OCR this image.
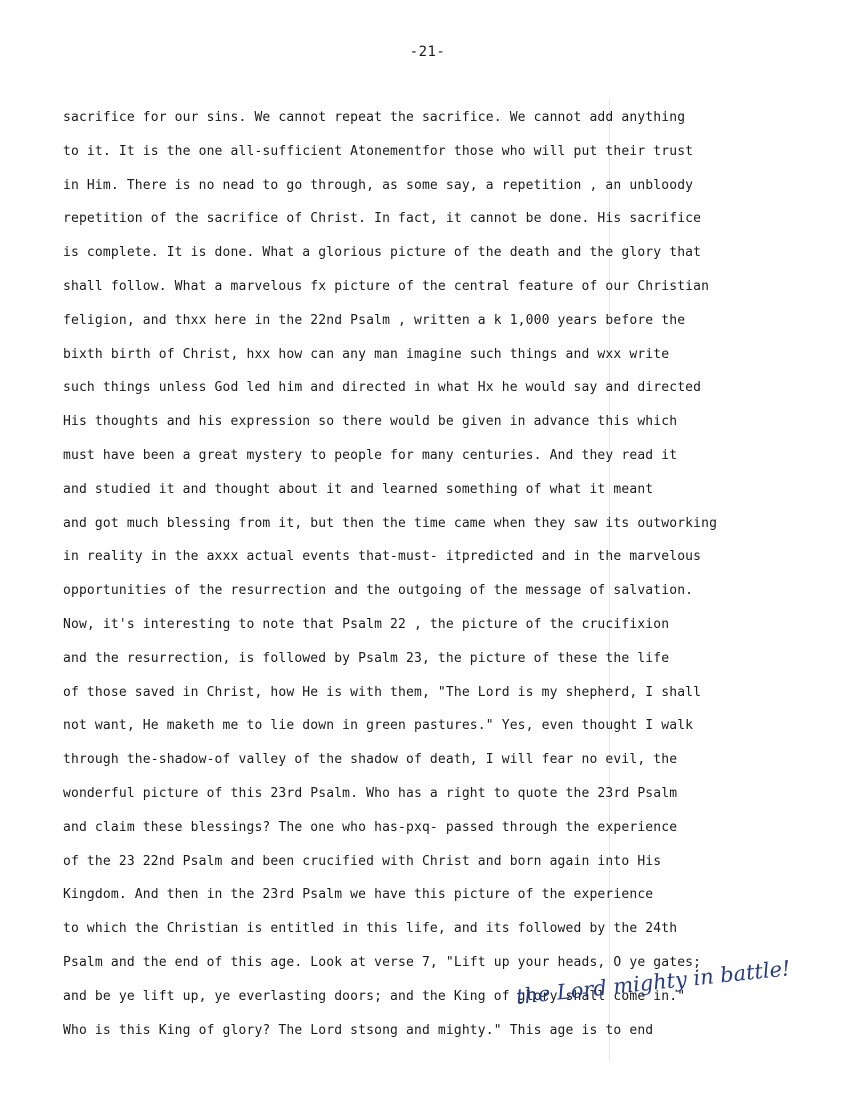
-21-
sacrifice for our sins. We cannot repeat the sacrifice. We cannot add anything
to it. It is the one all-sufficient Atonementfor those who will put their trust
in Him. There is no nead to go through, as some say, a repetition , an unbloody
repetition of the sacrifice of Christ. In fact, it cannot be done. His sacrifice
is complete. It is done. What a glorious picture of the death and the glory that
shall follow. What a marvelous fx picture of the central feature of our Christian
feligion, and thxx here in the 22nd Psalm , written a k 1,000 years before the
bixth birth of Christ, hxx how can any man imagine such things and wxx write
such things unless God led him and directed in what Hx he would say and directed
His thoughts and his expression so there would be given in advance this which
must have been a great mystery to people for many centuries. And they read it
and studied it and thought about it and learned something of what it meant
and got much blessing from it, but then the time came when they saw its outworking
in reality in the axxx actual events that-must- itpredicted and in the marvelous
opportunities of the resurrection and the outgoing of the message of salvation.
Now, it's interesting to note that Psalm 22 , the picture of the crucifixion
and the resurrection, is followed by Psalm 23, the picture of these the life
of those saved in Christ, how He is with them, "The Lord is my shepherd, I shall
not want, He maketh me to lie down in green pastures." Yes, even thought I walk
through the-shadow-of valley of the shadow of death, I will fear no evil, the
wonderful picture of this 23rd Psalm. Who has a right to quote the 23rd Psalm
and claim these blessings? The one who has-pxq- passed through the experience
of the 23 22nd Psalm and been crucified with Christ and born again into His
Kingdom. And then in the 23rd Psalm we have this picture of the experience
to which the Christian is entitled in this life, and its followed by the 24th
Psalm and the end of this age. Look at verse 7, "Lift up your heads, O ye gates;
and be ye lift up, ye everlasting doors; and the King of glory shall come in."
Who is this King of glory? The Lord stsong and mighty." This age is to end
the Lord mighty in battle!
